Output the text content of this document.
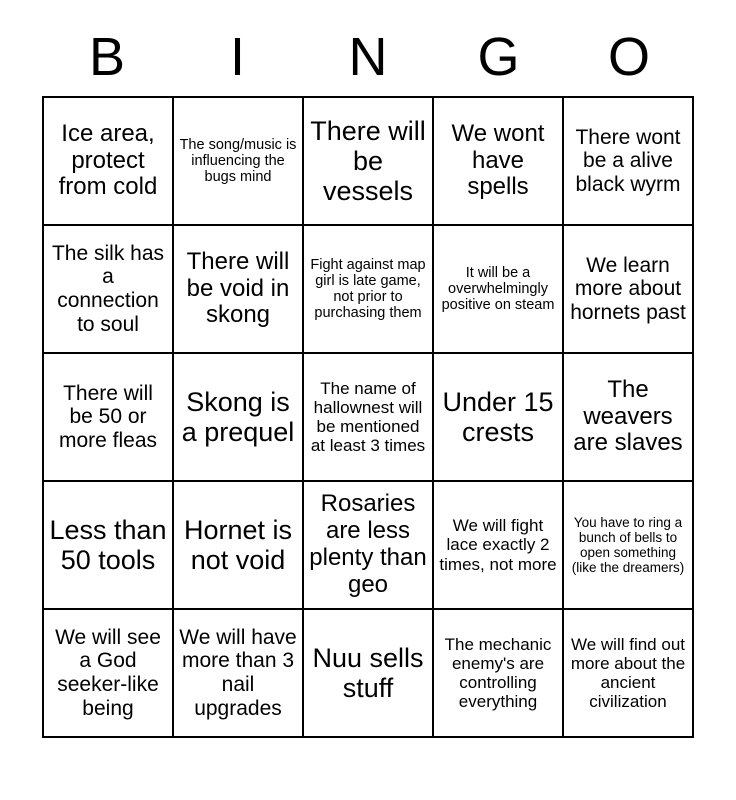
B	I	N	G	O
Ice area, protect from cold	The song/music is influencing the bugs mind	There will be vessels	We wont have spells	There wont be a alive black wyrm
The silk has a connection to soul	There will be void in skong	Fight against map girl is late game, not prior to purchasing them	It will be a overwhelmingly positive on steam	We learn more about hornets past
There will be 50 or more fleas	Skong is a prequel	The name of hallownest will be mentioned at least 3 times	Under 15 crests	The weavers are slaves
Less than 50 tools	Hornet is not void	Rosaries are less plenty than geo	We will fight lace exactly 2 times, not more	You have to ring a bunch of bells to open something (like the dreamers)
We will see a God seeker-like being	We will have more than 3 nail upgrades	Nuu sells stuff	The mechanic enemy's are controlling everything	We will find out more about the ancient civilization
